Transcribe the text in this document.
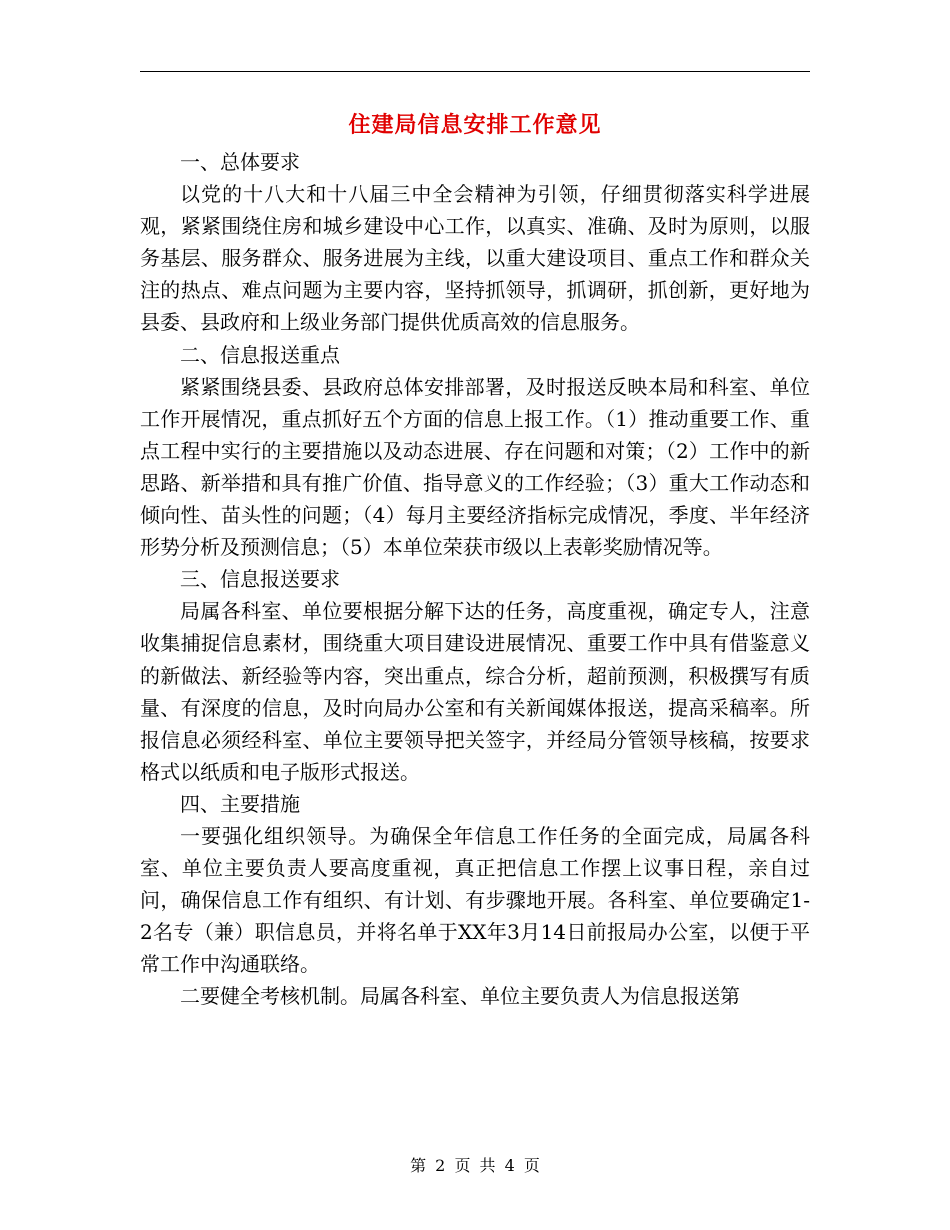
住建局信息安排工作意见

一、总体要求

以党的十八大和十八届三中全会精神为引领，仔细贯彻落实科学进展观，紧紧围绕住房和城乡建设中心工作，以真实、准确、及时为原则，以服务基层、服务群众、服务进展为主线，以重大建设项目、重点工作和群众关注的热点、难点问题为主要内容，坚持抓领导，抓调研，抓创新，更好地为县委、县政府和上级业务部门提供优质高效的信息服务。

二、信息报送重点

紧紧围绕县委、县政府总体安排部署，及时报送反映本局和科室、单位工作开展情况，重点抓好五个方面的信息上报工作。（1）推动重要工作、重点工程中实行的主要措施以及动态进展、存在问题和对策；（2）工作中的新思路、新举措和具有推广价值、指导意义的工作经验；（3）重大工作动态和倾向性、苗头性的问题；（4）每月主要经济指标完成情况，季度、半年经济形势分析及预测信息；（5）本单位荣获市级以上表彰奖励情况等。

三、信息报送要求

局属各科室、单位要根据分解下达的任务，高度重视，确定专人，注意收集捕捉信息素材，围绕重大项目建设进展情况、重要工作中具有借鉴意义的新做法、新经验等内容，突出重点，综合分析，超前预测，积极撰写有质量、有深度的信息，及时向局办公室和有关新闻媒体报送，提高采稿率。所报信息必须经科室、单位主要领导把关签字，并经局分管领导核稿，按要求格式以纸质和电子版形式报送。

四、主要措施

一要强化组织领导。为确保全年信息工作任务的全面完成，局属各科室、单位主要负责人要高度重视，真正把信息工作摆上议事日程，亲自过问，确保信息工作有组织、有计划、有步骤地开展。各科室、单位要确定1-2名专（兼）职信息员，并将名单于XX年3月14日前报局办公室，以便于平常工作中沟通联络。

二要健全考核机制。局属各科室、单位主要负责人为信息报送第

第 2 页 共 4 页
